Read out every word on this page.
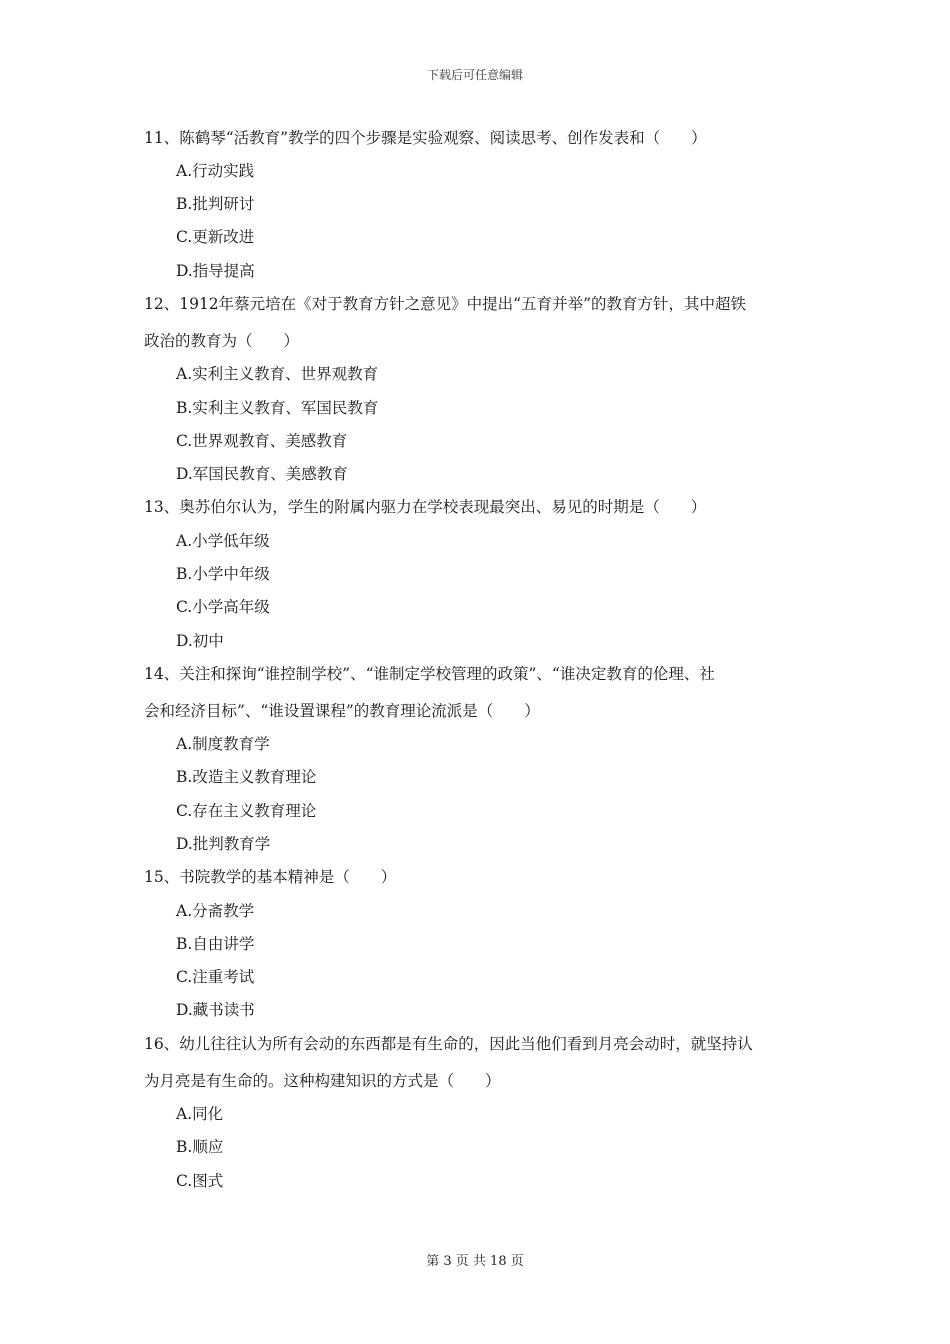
下载后可任意编辑
11、陈鹤琴“活教育”教学的四个步骤是实验观察、阅读思考、创作发表和（　　）
A.行动实践
B.批判研讨
C.更新改进
D.指导提高
12、1912年蔡元培在《对于教育方针之意见》中提出“五育并举”的教育方针，其中超铁
政治的教育为（　　）
A.实利主义教育、世界观教育
B.实利主义教育、军国民教育
C.世界观教育、美感教育
D.军国民教育、美感教育
13、奥苏伯尔认为，学生的附属内驱力在学校表现最突出、易见的时期是（　　）
A.小学低年级
B.小学中年级
C.小学高年级
D.初中
14、关注和探询“谁控制学校”、“谁制定学校管理的政策”、“谁决定教育的伦理、社
会和经济目标”、“谁设置课程”的教育理论流派是（　　）
A.制度教育学
B.改造主义教育理论
C.存在主义教育理论
D.批判教育学
15、书院教学的基本精神是（　　）
A.分斋教学
B.自由讲学
C.注重考试
D.藏书读书
16、幼儿往往认为所有会动的东西都是有生命的，因此当他们看到月亮会动时，就坚持认
为月亮是有生命的。这种构建知识的方式是（　　）
A.同化
B.顺应
C.图式
第 3 页 共 18 页
